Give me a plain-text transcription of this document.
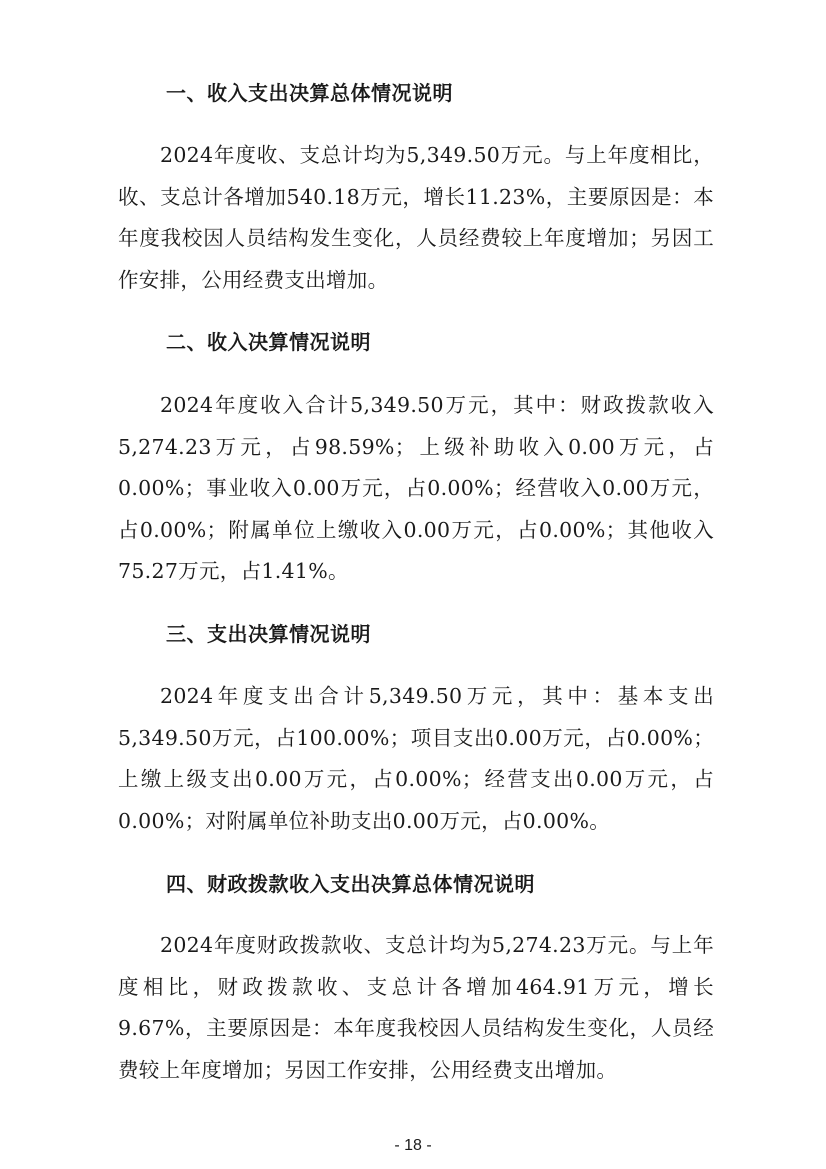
一、收入支出决算总体情况说明

2024年度收、支总计均为5,349.50万元。与上年度相比，收、支总计各增加540.18万元，增长11.23%，主要原因是：本年度我校因人员结构发生变化，人员经费较上年度增加；另因工作安排，公用经费支出增加。

二、收入决算情况说明

2024年度收入合计5,349.50万元，其中：财政拨款收入5,274.23万元，占98.59%；上级补助收入0.00万元，占0.00%；事业收入0.00万元，占0.00%；经营收入0.00万元，占0.00%；附属单位上缴收入0.00万元，占0.00%；其他收入75.27万元，占1.41%。

三、支出决算情况说明

2024年度支出合计5,349.50万元，其中：基本支出5,349.50万元，占100.00%；项目支出0.00万元，占0.00%；上缴上级支出0.00万元，占0.00%；经营支出0.00万元，占0.00%；对附属单位补助支出0.00万元，占0.00%。

四、财政拨款收入支出决算总体情况说明

2024年度财政拨款收、支总计均为5,274.23万元。与上年度相比，财政拨款收、支总计各增加464.91万元，增长9.67%，主要原因是：本年度我校因人员结构发生变化，人员经费较上年度增加；另因工作安排，公用经费支出增加。

- 18 -
